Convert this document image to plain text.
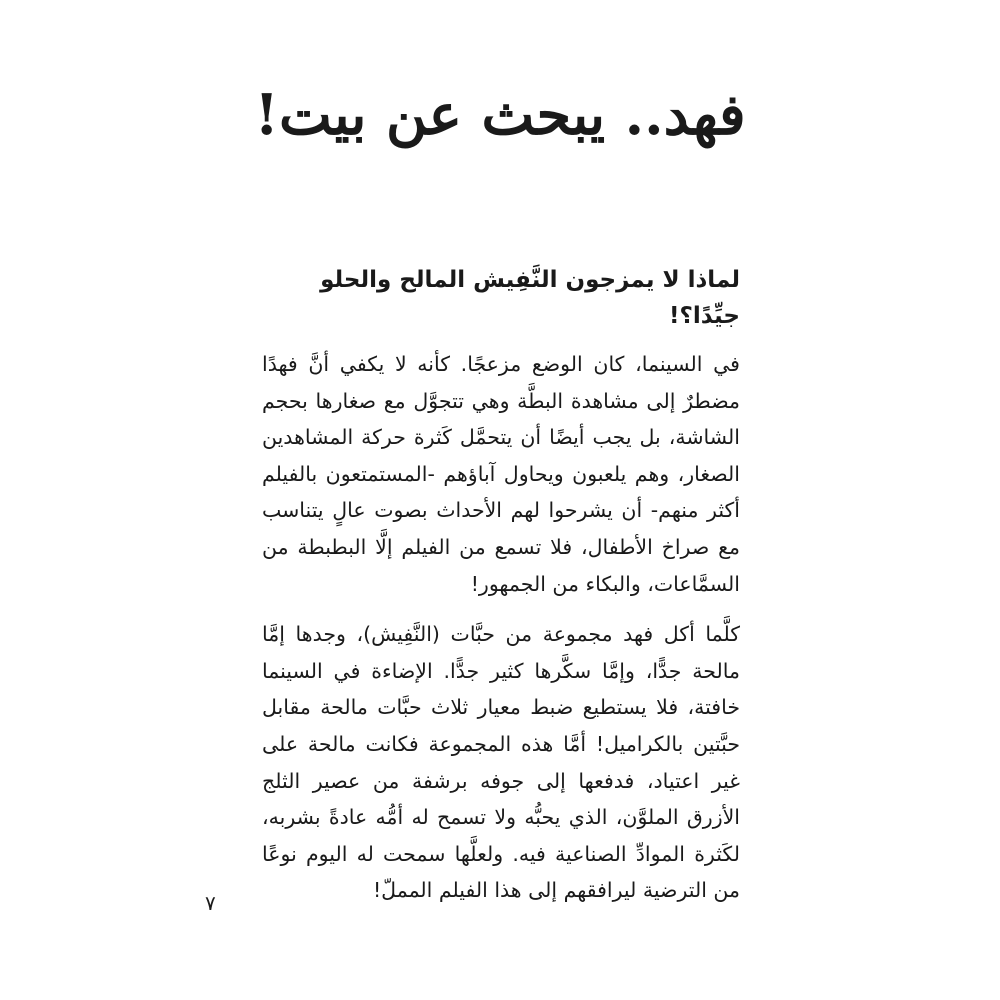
فهد.. يبحث عن بيت!
لماذا لا يمزجون النَّفِيش المالح والحلو جيِّدًا؟!

في السينما، كان الوضع مزعجًا. كأنه لا يكفي أنَّ فهدًا مضطرٌ إلى مشاهدة البطَّة وهي تتجوَّل مع صغارها بحجم الشاشة، بل يجب أيضًا أن يتحمَّل كَثرة حركة المشاهدين الصغار، وهم يلعبون ويحاول آباؤهم -المستمتعون بالفيلم أكثر منهم- أن يشرحوا لهم الأحداث بصوت عالٍ يتناسب مع صراخ الأطفال، فلا تسمع من الفيلم إلَّا البطبطة من السمَّاعات، والبكاء من الجمهور!

كلَّما أكل فهد مجموعة من حبَّات (النَّفِيش)، وجدها إمَّا مالحة جدًّا، وإمَّا سكَّرها كثير جدًّا. الإضاءة في السينما خافتة، فلا يستطيع ضبط معيار ثلاث حبَّات مالحة مقابل حبَّتين بالكراميل! أمَّا هذه المجموعة فكانت مالحة على غير اعتياد، فدفعها إلى جوفه برشفة من عصير الثلج الأزرق الملوَّن، الذي يحبُّه ولا تسمح له أمُّه عادةً بشربه، لكَثرة الموادِّ الصناعية فيه. ولعلَّها سمحت له اليوم نوعًا من الترضية ليرافقهم إلى هذا الفيلم المملّ!

٧
